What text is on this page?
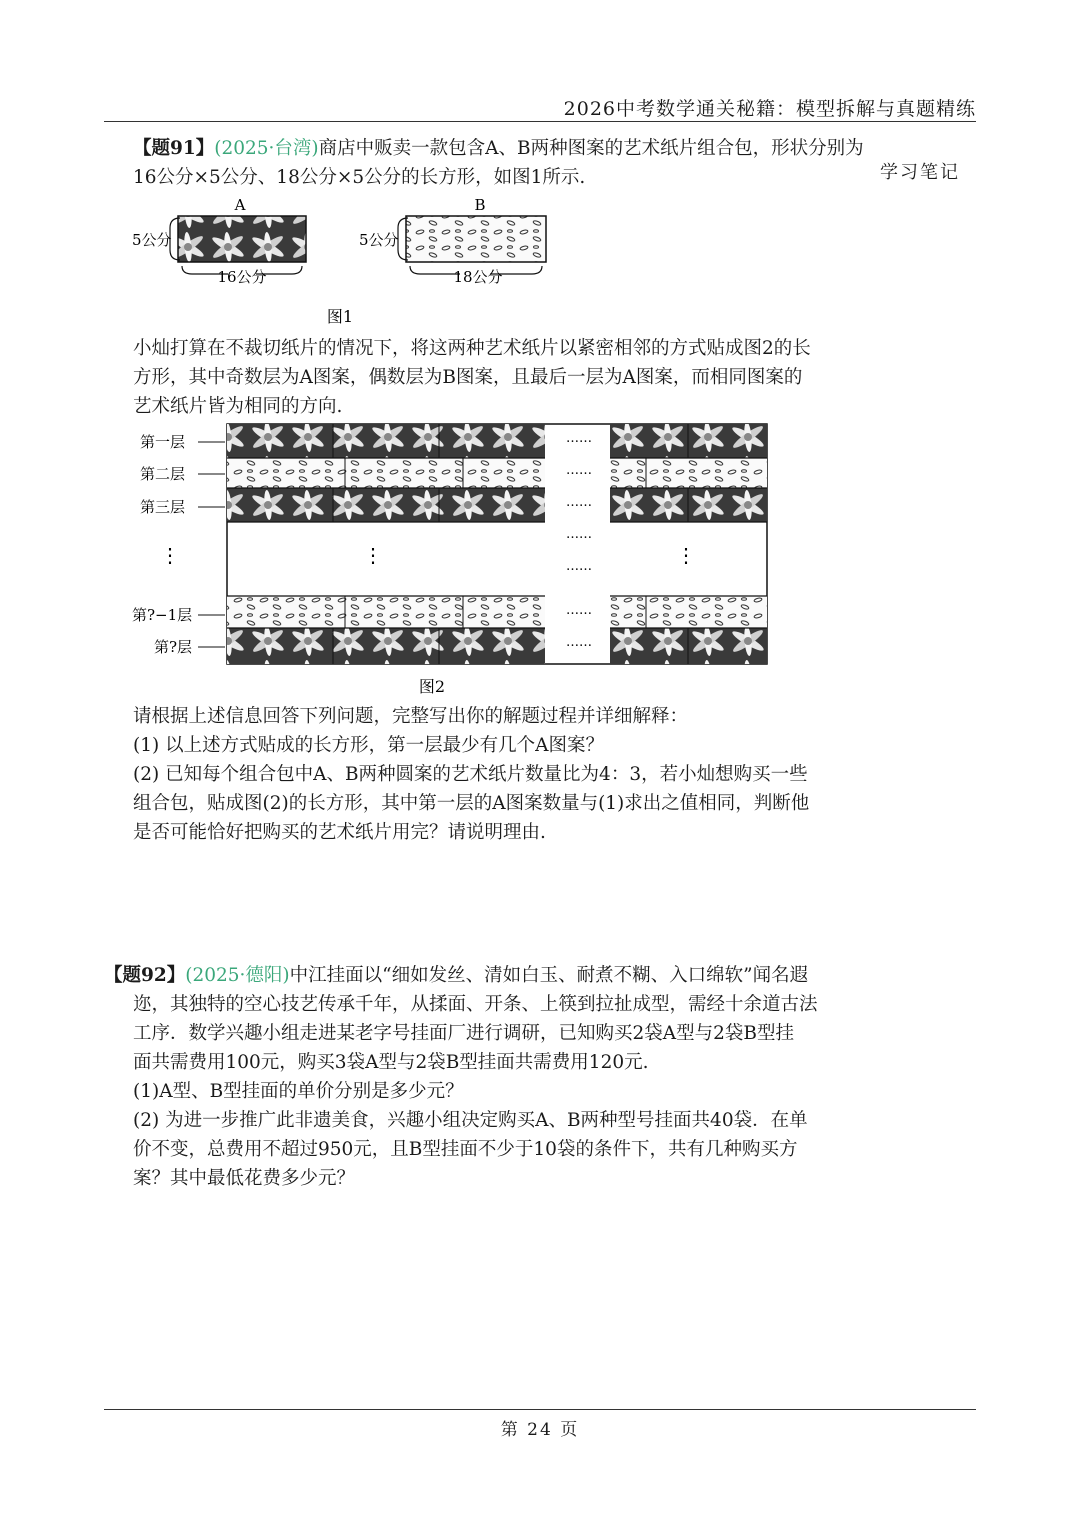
2026中考数学通关秘籍：模型拆解与真题精练
学习笔记

【题91】(2025·台湾)商店中贩卖一款包含A、B两种图案的艺术纸片组合包，形状分别为
16公分×5公分、18公分×5公分的长方形，如图1所示.

A
5公分
16公分
B
5公分
18公分
图1

小灿打算在不裁切纸片的情况下，将这两种艺术纸片以紧密相邻的方式贴成图2的长
方形，其中奇数层为A图案，偶数层为B图案，且最后一层为A图案，而相同图案的
艺术纸片皆为相同的方向.

……
……
……
……
……
……
……
⋮	⋮	⋮
第一层
第二层
第三层
第?−1层
第?层
图2

请根据上述信息回答下列问题，完整写出你的解题过程并详细解释：
(1) 以上述方式贴成的长方形，第一层最少有几个A图案？
(2) 已知每个组合包中A、B两种圆案的艺术纸片数量比为4：3，若小灿想购买一些
组合包，贴成图(2)的长方形，其中第一层的A图案数量与(1)求出之值相同，判断他
是否可能恰好把购买的艺术纸片用完？请说明理由.

【题92】(2025·德阳)中江挂面以“细如发丝、清如白玉、耐煮不糊、入口绵软”闻名遐
迩，其独特的空心技艺传承千年，从揉面、开条、上筷到拉扯成型，需经十余道古法
工序．数学兴趣小组走进某老字号挂面厂进行调研，已知购买2袋A型与2袋B型挂
面共需费用100元，购买3袋A型与2袋B型挂面共需费用120元.
(1)A型、B型挂面的单价分别是多少元？
(2) 为进一步推广此非遗美食，兴趣小组决定购买A、B两种型号挂面共40袋．在单
价不变，总费用不超过950元，且B型挂面不少于10袋的条件下，共有几种购买方
案？其中最低花费多少元？

第 24 页
